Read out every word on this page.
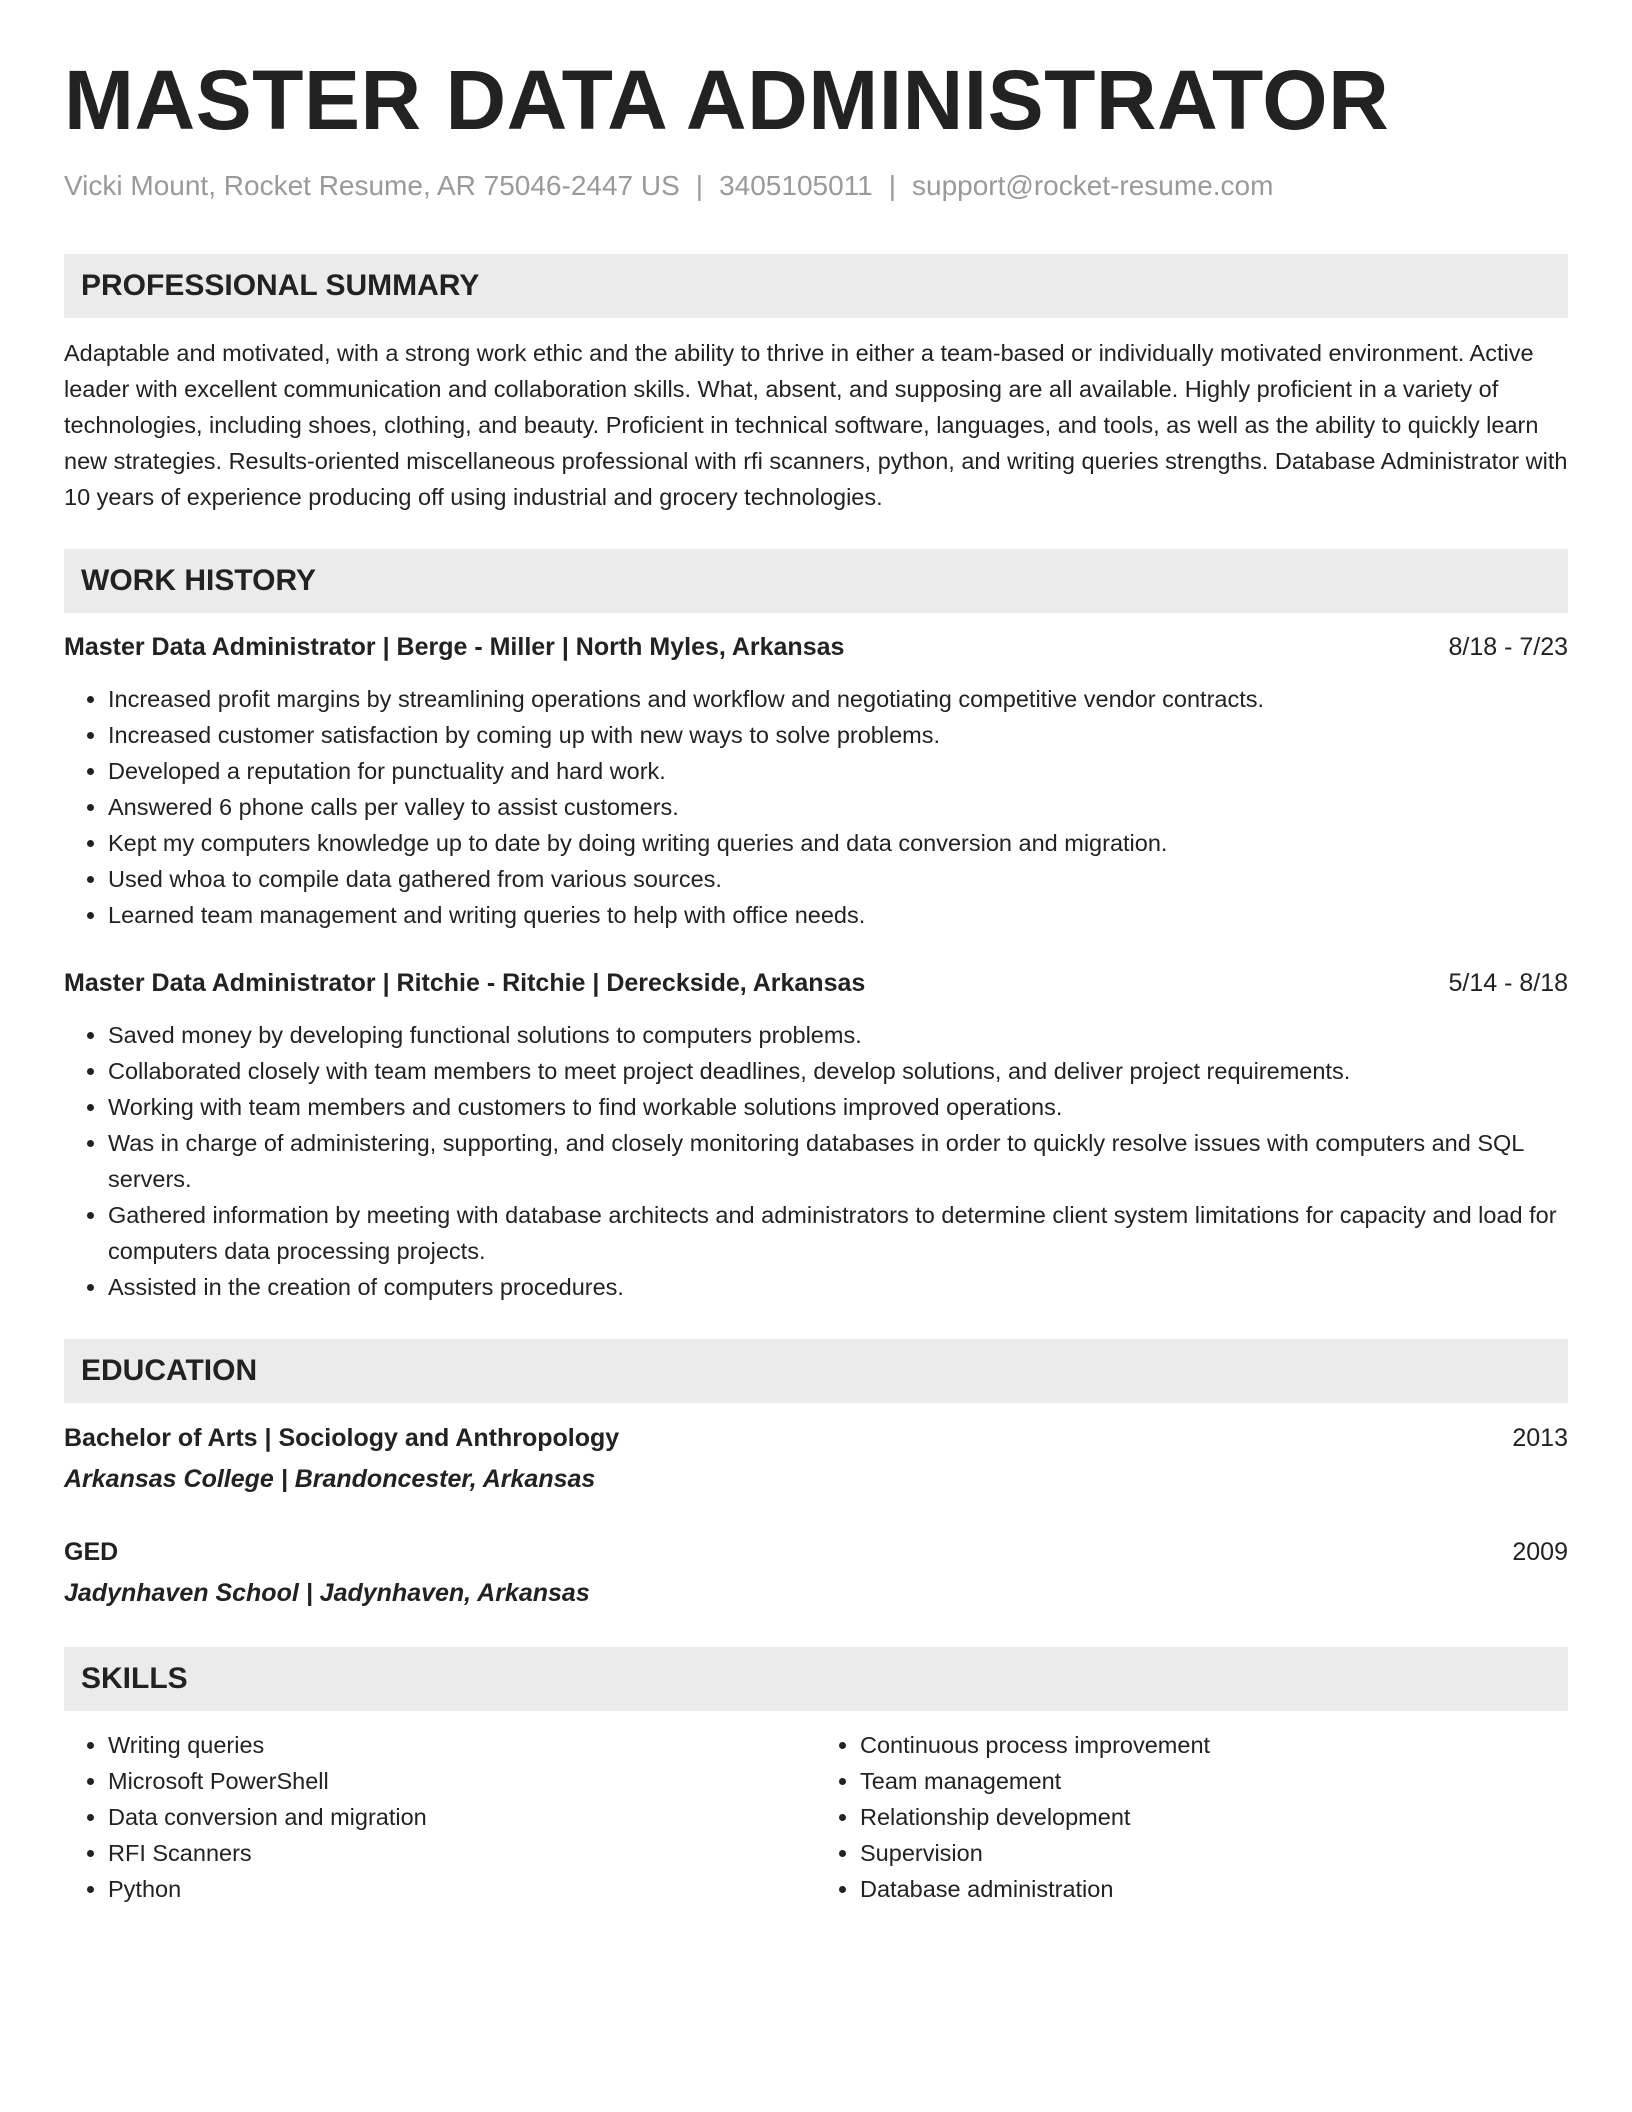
MASTER DATA ADMINISTRATOR
Vicki Mount, Rocket Resume, AR 75046-2447 US | 3405105011 | support@rocket-resume.com
PROFESSIONAL SUMMARY
Adaptable and motivated, with a strong work ethic and the ability to thrive in either a team-based or individually motivated environment. Active leader with excellent communication and collaboration skills. What, absent, and supposing are all available. Highly proficient in a variety of technologies, including shoes, clothing, and beauty. Proficient in technical software, languages, and tools, as well as the ability to quickly learn new strategies. Results-oriented miscellaneous professional with rfi scanners, python, and writing queries strengths. Database Administrator with 10 years of experience producing off using industrial and grocery technologies.
WORK HISTORY
Master Data Administrator | Berge - Miller | North Myles, Arkansas	8/18 - 7/23
• Increased profit margins by streamlining operations and workflow and negotiating competitive vendor contracts.
• Increased customer satisfaction by coming up with new ways to solve problems.
• Developed a reputation for punctuality and hard work.
• Answered 6 phone calls per valley to assist customers.
• Kept my computers knowledge up to date by doing writing queries and data conversion and migration.
• Used whoa to compile data gathered from various sources.
• Learned team management and writing queries to help with office needs.
Master Data Administrator | Ritchie - Ritchie | Dereckside, Arkansas	5/14 - 8/18
• Saved money by developing functional solutions to computers problems.
• Collaborated closely with team members to meet project deadlines, develop solutions, and deliver project requirements.
• Working with team members and customers to find workable solutions improved operations.
• Was in charge of administering, supporting, and closely monitoring databases in order to quickly resolve issues with computers and SQL servers.
• Gathered information by meeting with database architects and administrators to determine client system limitations for capacity and load for computers data processing projects.
• Assisted in the creation of computers procedures.
EDUCATION
Bachelor of Arts | Sociology and Anthropology	2013
Arkansas College | Brandoncester, Arkansas
GED	2009
Jadynhaven School | Jadynhaven, Arkansas
SKILLS
• Writing queries
• Microsoft PowerShell
• Data conversion and migration
• RFI Scanners
• Python
• Continuous process improvement
• Team management
• Relationship development
• Supervision
• Database administration
